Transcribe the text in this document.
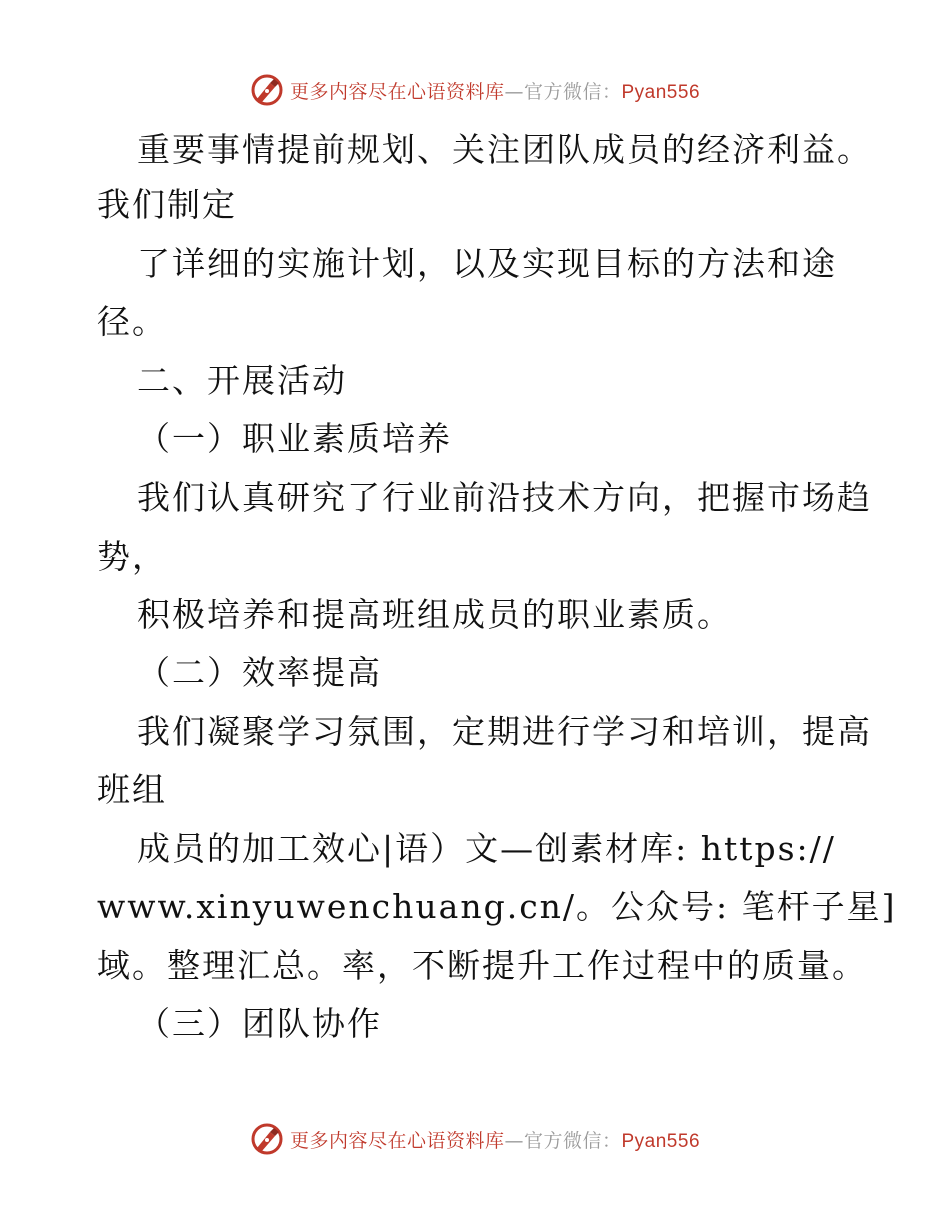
更多内容尽在心语资料库—官方微信：Pyan556
重要事情提前规划、关注团队成员的经济利益。
我们制定
了详细的实施计划，以及实现目标的方法和途
径。
二、开展活动
（一）职业素质培养
我们认真研究了行业前沿技术方向，把握市场趋
势，
积极培养和提高班组成员的职业素质。
（二）效率提高
我们凝聚学习氛围，定期进行学习和培训，提高
班组
成员的加工效心|语）文—创素材库: https://
www.xinyuwenchuang.cn/。公众号: 笔杆子星]
域。整理汇总。率，不断提升工作过程中的质量。
（三）团队协作
更多内容尽在心语资料库—官方微信：Pyan556
